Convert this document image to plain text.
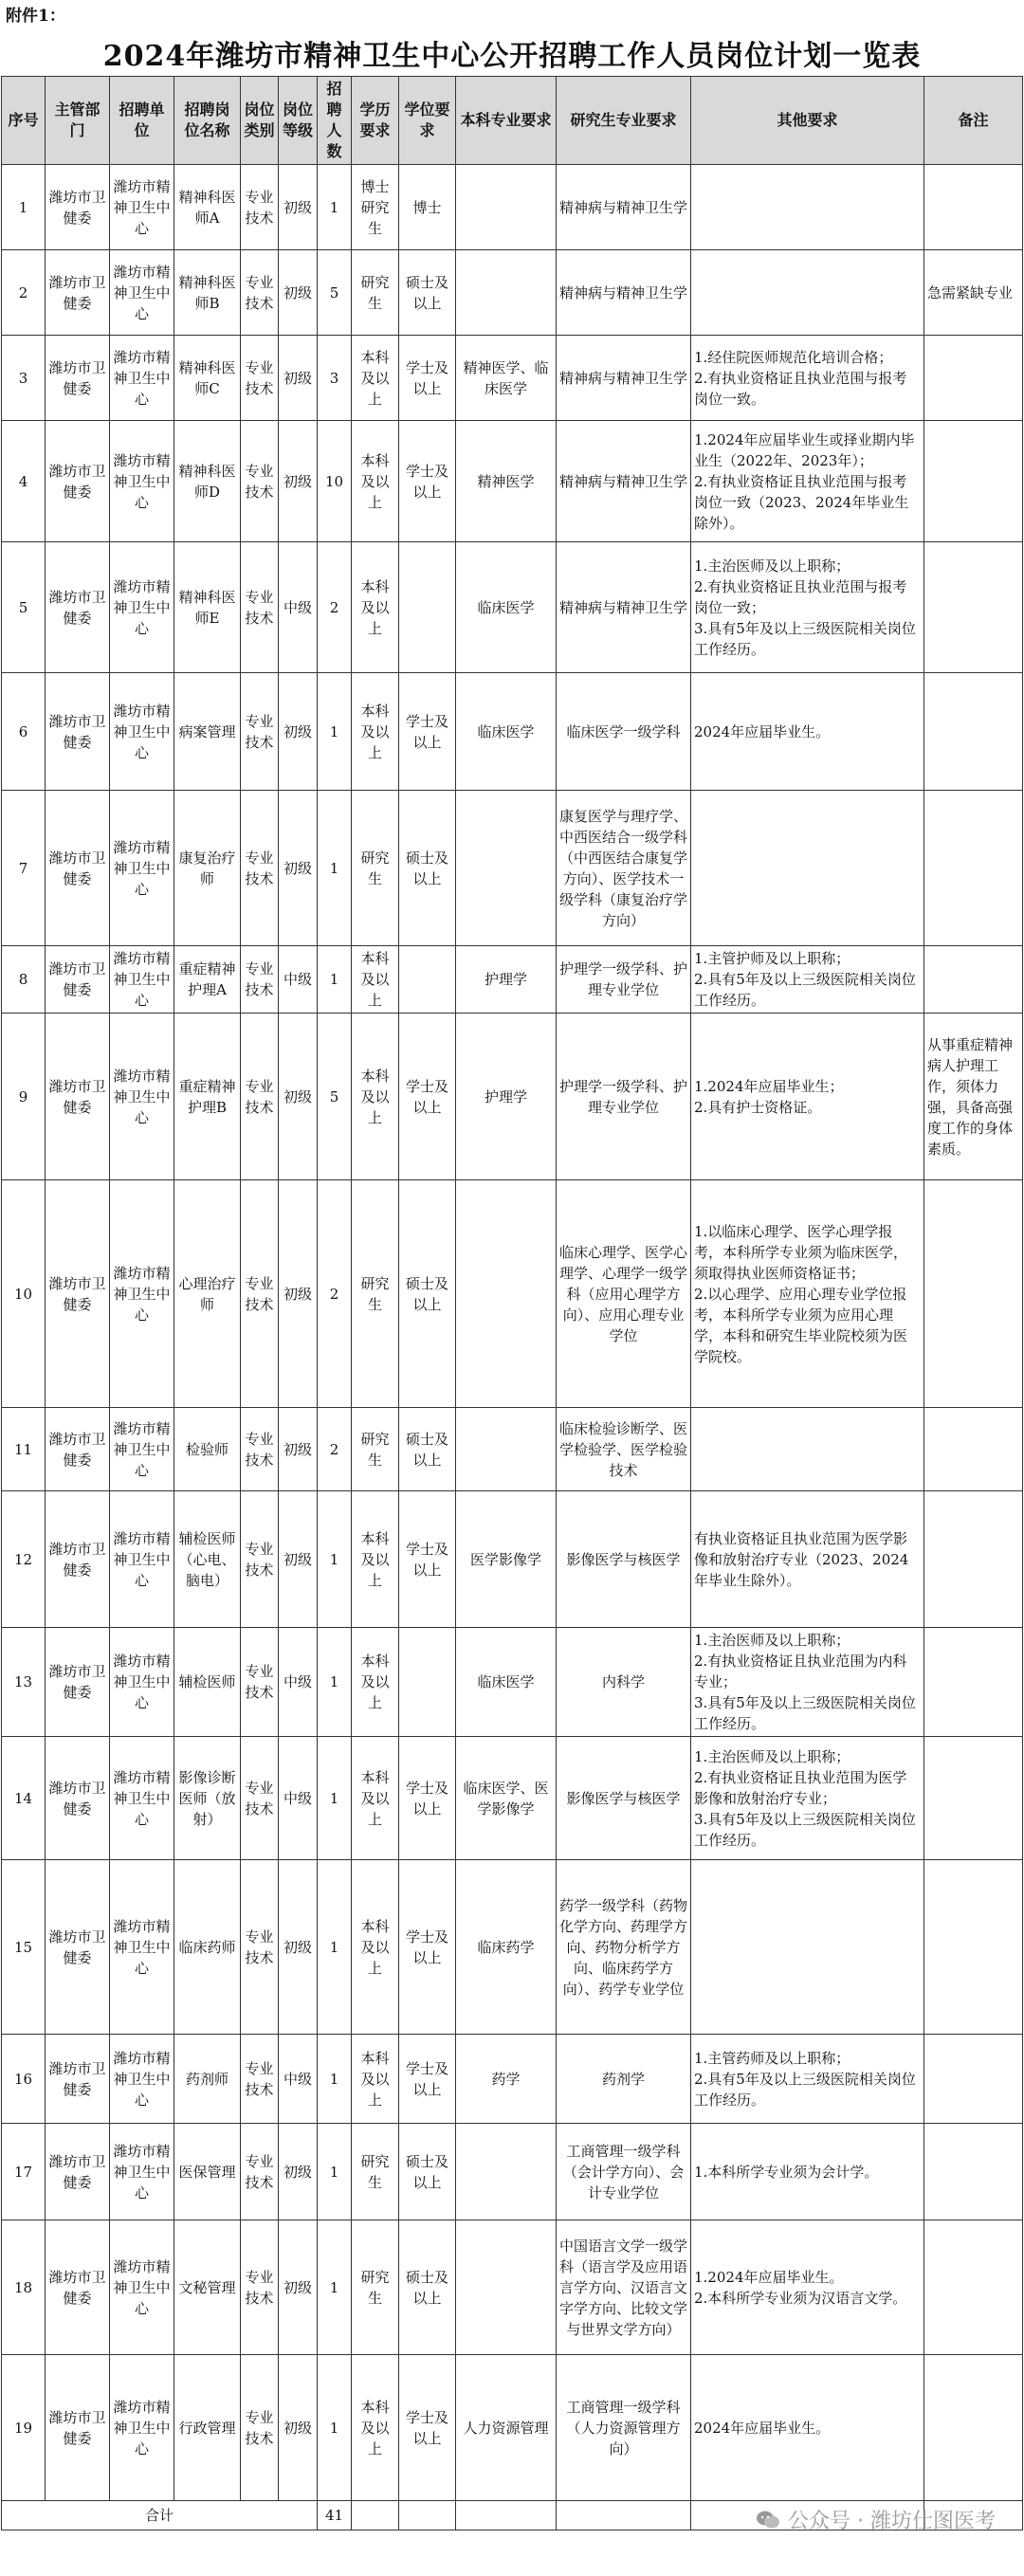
附件1：
2024年潍坊市精神卫生中心公开招聘工作人员岗位计划一览表
序号	主管部门	招聘单位	招聘岗位名称	岗位类别	岗位等级	招聘人数	学历要求	学位要求	本科专业要求	研究生专业要求	其他要求	备注
1	潍坊市卫健委	潍坊市精神卫生中心	精神科医师A	专业技术	初级	1	博士研究生	博士		精神病与精神卫生学		
2	潍坊市卫健委	潍坊市精神卫生中心	精神科医师B	专业技术	初级	5	研究生	硕士及以上		精神病与精神卫生学		急需紧缺专业
3	潍坊市卫健委	潍坊市精神卫生中心	精神科医师C	专业技术	初级	3	本科及以上	学士及以上	精神医学、临床医学	精神病与精神卫生学	1.经住院医师规范化培训合格；
2.有执业资格证且执业范围与报考岗位一致。	
4	潍坊市卫健委	潍坊市精神卫生中心	精神科医师D	专业技术	初级	10	本科及以上	学士及以上	精神医学	精神病与精神卫生学	1.2024年应届毕业生或择业期内毕业生（2022年、2023年）；
2.有执业资格证且执业范围与报考岗位一致（2023、2024年毕业生除外）。	
5	潍坊市卫健委	潍坊市精神卫生中心	精神科医师E	专业技术	中级	2	本科及以上		临床医学	精神病与精神卫生学	1.主治医师及以上职称；
2.有执业资格证且执业范围与报考岗位一致；
3.具有5年及以上三级医院相关岗位工作经历。	
6	潍坊市卫健委	潍坊市精神卫生中心	病案管理	专业技术	初级	1	本科及以上	学士及以上	临床医学	临床医学一级学科	2024年应届毕业生。	
7	潍坊市卫健委	潍坊市精神卫生中心	康复治疗师	专业技术	初级	1	研究生	硕士及以上		康复医学与理疗学、中西医结合一级学科（中西医结合康复学方向）、医学技术一级学科（康复治疗学方向）		
8	潍坊市卫健委	潍坊市精神卫生中心	重症精神护理A	专业技术	中级	1	本科及以上		护理学	护理学一级学科、护理专业学位	1.主管护师及以上职称；
2.具有5年及以上三级医院相关岗位工作经历。	
9	潍坊市卫健委	潍坊市精神卫生中心	重症精神护理B	专业技术	初级	5	本科及以上	学士及以上	护理学	护理学一级学科、护理专业学位	1.2024年应届毕业生；
2.具有护士资格证。	从事重症精神病人护理工作，须体力强，具备高强度工作的身体素质。
10	潍坊市卫健委	潍坊市精神卫生中心	心理治疗师	专业技术	初级	2	研究生	硕士及以上		临床心理学、医学心理学、心理学一级学科（应用心理学方向）、应用心理专业学位	1.以临床心理学、医学心理学报考，本科所学专业须为临床医学，须取得执业医师资格证书；
2.以心理学、应用心理专业学位报考，本科所学专业须为应用心理学，本科和研究生毕业院校须为医学院校。	
11	潍坊市卫健委	潍坊市精神卫生中心	检验师	专业技术	初级	2	研究生	硕士及以上		临床检验诊断学、医学检验学、医学检验技术		
12	潍坊市卫健委	潍坊市精神卫生中心	辅检医师（心电、脑电）	专业技术	初级	1	本科及以上	学士及以上	医学影像学	影像医学与核医学	有执业资格证且执业范围为医学影像和放射治疗专业（2023、2024年毕业生除外）。	
13	潍坊市卫健委	潍坊市精神卫生中心	辅检医师	专业技术	中级	1	本科及以上		临床医学	内科学	1.主治医师及以上职称；
2.有执业资格证且执业范围为内科专业；
3.具有5年及以上三级医院相关岗位工作经历。	
14	潍坊市卫健委	潍坊市精神卫生中心	影像诊断医师（放射）	专业技术	中级	1	本科及以上	学士及以上	临床医学、医学影像学	影像医学与核医学	1.主治医师及以上职称；
2.有执业资格证且执业范围为医学影像和放射治疗专业；
3.具有5年及以上三级医院相关岗位工作经历。	
15	潍坊市卫健委	潍坊市精神卫生中心	临床药师	专业技术	初级	1	本科及以上	学士及以上	临床药学	药学一级学科（药物化学方向、药理学方向、药物分析学方向、临床药学方向）、药学专业学位		
16	潍坊市卫健委	潍坊市精神卫生中心	药剂师	专业技术	中级	1	本科及以上	学士及以上	药学	药剂学	1.主管药师及以上职称；
2.具有5年及以上三级医院相关岗位工作经历。	
17	潍坊市卫健委	潍坊市精神卫生中心	医保管理	专业技术	初级	1	研究生	硕士及以上		工商管理一级学科（会计学方向）、会计专业学位	1.本科所学专业须为会计学。	
18	潍坊市卫健委	潍坊市精神卫生中心	文秘管理	专业技术	初级	1	研究生	硕士及以上		中国语言文学一级学科（语言学及应用语言学方向、汉语言文字学方向、比较文学与世界文学方向）	1.2024年应届毕业生。
2.本科所学专业须为汉语言文学。	
19	潍坊市卫健委	潍坊市精神卫生中心	行政管理	专业技术	初级	1	本科及以上	学士及以上	人力资源管理	工商管理一级学科（人力资源管理方向）	2024年应届毕业生。	
合计						41							公众号 · 潍坊仕图医考
